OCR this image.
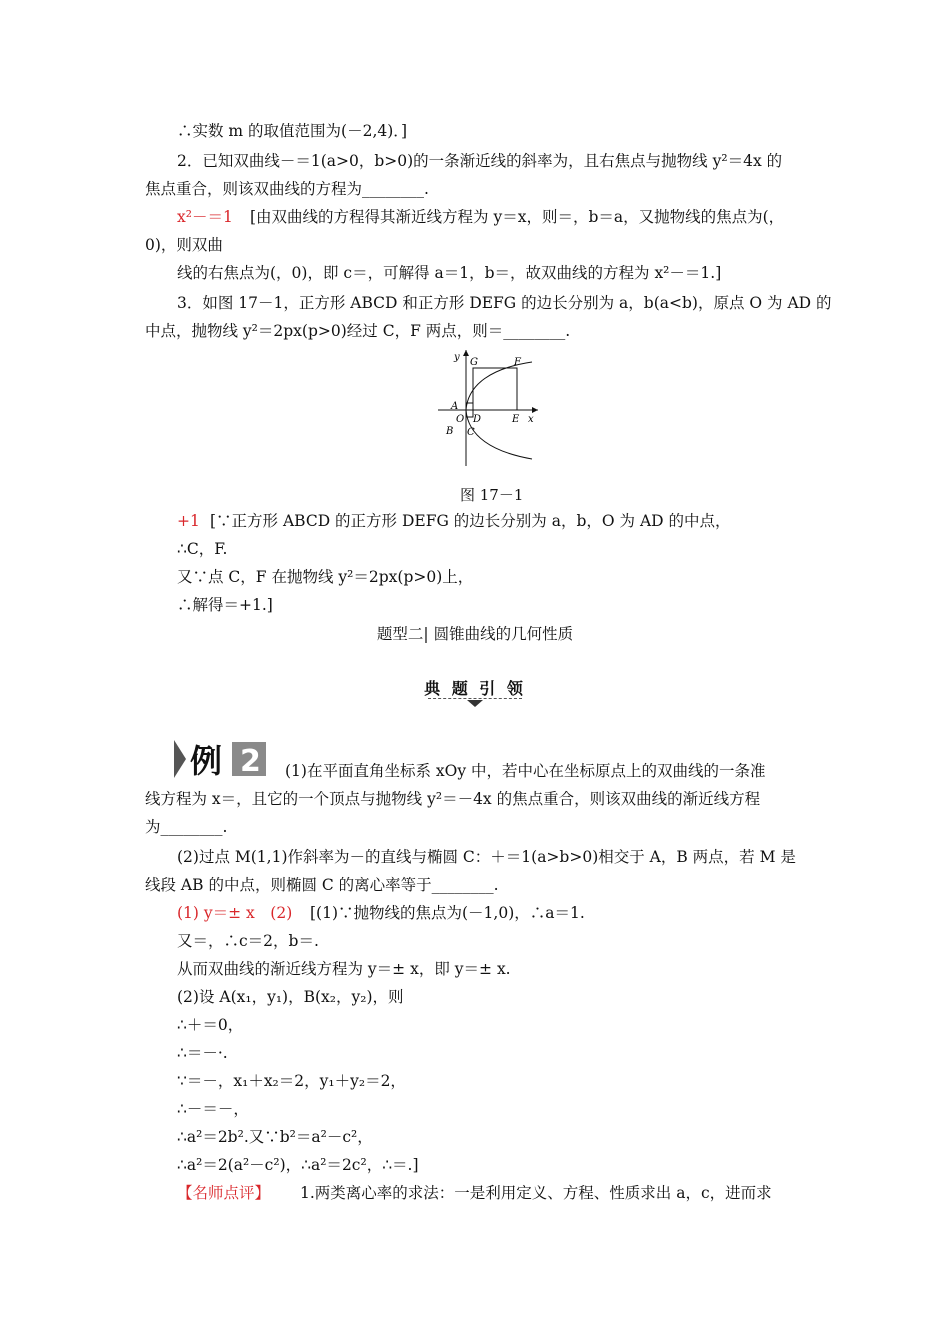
∴实数 m 的取值范围为(－2,4)．]
2．已知双曲线－＝1(a>0，b>0)的一条渐近线的斜率为，且右焦点与抛物线 y²＝4x 的
焦点重合，则该双曲线的方程为________.
x²－＝1 [由双曲线的方程得其渐近线方程为 y＝x，则＝，b＝a，又抛物线的焦点为(，
0)，则双曲
线的右焦点为(，0)，即 c＝，可解得 a＝1，b＝，故双曲线的方程为 x²－＝1.]
3．如图 17－1，正方形 ABCD 和正方形 DEFG 的边长分别为 a，b(a<b)，原点 O 为 AD 的
中点，抛物线 y²＝2px(p>0)经过 C，F 两点，则＝________.
y G	F
A
O D	E x
B C
图 17－1
+1 [∵正方形 ABCD 的正方形 DEFG 的边长分别为 a，b，O 为 AD 的中点，
∴C，F.
又∵点 C，F 在抛物线 y²＝2px(p>0)上，
∴解得＝+1.]
题型二| 圆锥曲线的几何性质
典 题 引 领
例 2 (1)在平面直角坐标系 xOy 中，若中心在坐标原点上的双曲线的一条准
线方程为 x＝，且它的一个顶点与抛物线 y²＝－4x 的焦点重合，则该双曲线的渐近线方程
为________.
(2)过点 M(1,1)作斜率为－的直线与椭圆 C：＋＝1(a>b>0)相交于 A，B 两点，若 M 是
线段 AB 的中点，则椭圆 C 的离心率等于________.
(1) y＝± x　(2) [(1)∵抛物线的焦点为(－1,0)，∴a＝1.
又＝，∴c＝2，b＝.
从而双曲线的渐近线方程为 y＝± x，即 y＝± x.
(2)设 A(x₁，y₁)，B(x₂，y₂)，则
∴＋＝0，
∴＝－·.
∵＝－，x₁＋x₂＝2，y₁＋y₂＝2，
∴－＝－，
∴a²＝2b².又∵b²＝a²－c²，
∴a²＝2(a²－c²)，∴a²＝2c²，∴＝.]
【名师点评】 1.两类离心率的求法：一是利用定义、方程、性质求出 a，c，进而求
